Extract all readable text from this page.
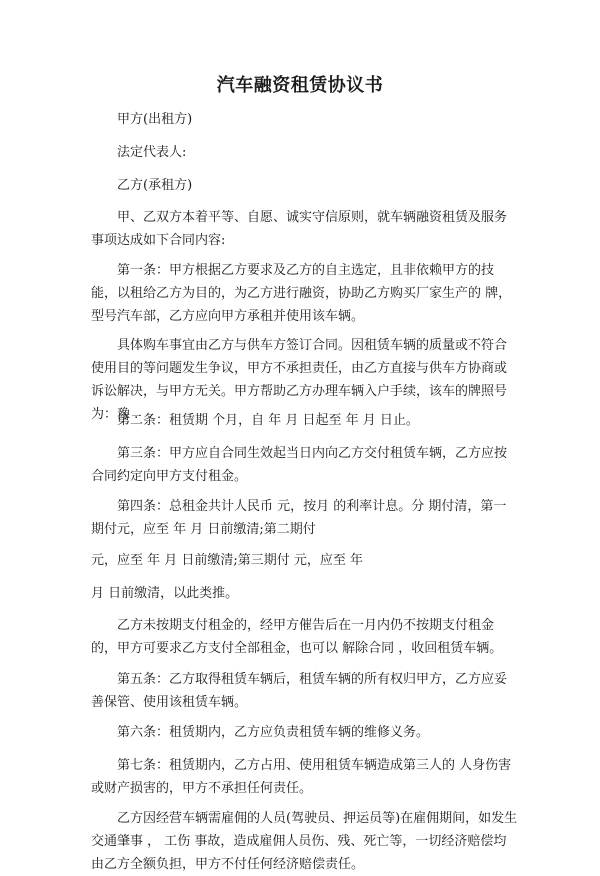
汽车融资租赁协议书

甲方(出租方)

法定代表人:

乙方(承租方)

甲、乙双方本着平等、自愿、诚实守信原则，就车辆融资租赁及服务事项达成如下合同内容:

第一条：甲方根据乙方要求及乙方的自主选定，且非依赖甲方的技能，以租给乙方为目的，为乙方进行融资，协助乙方购买厂家生产的 牌， 型号汽车部，乙方应向甲方承租并使用该车辆。

具体购车事宜由乙方与供车方签订合同。因租赁车辆的质量或不符合使用目的等问题发生争议，甲方不承担责任，由乙方直接与供车方协商或诉讼解决，与甲方无关。甲方帮助乙方办理车辆入户手续，该车的牌照号为：豫 .

第二条：租赁期 个月，自 年 月 日起至 年 月 日止。

第三条：甲方应自合同生效起当日内向乙方交付租赁车辆，乙方应按合同约定向甲方支付租金。

第四条：总租金共计人民币 元，按月 的利率计息。分 期付清，第一期付元，应至 年 月 日前缴清;第二期付

元，应至 年 月 日前缴清;第三期付 元，应至 年

月 日前缴清，以此类推。

乙方未按期支付租金的，经甲方催告后在一月内仍不按期支付租金的，甲方可要求乙方支付全部租金，也可以 解除合同 ，收回租赁车辆。

第五条：乙方取得租赁车辆后，租赁车辆的所有权归甲方，乙方应妥善保管、使用该租赁车辆。

第六条：租赁期内，乙方应负责租赁车辆的维修义务。

第七条：租赁期内，乙方占用、使用租赁车辆造成第三人的 人身伤害 或财产损害的，甲方不承担任何责任。

乙方因经营车辆需雇佣的人员(驾驶员、押运员等)在雇佣期间，如发生 交通肇事 ， 工伤 事故，造成雇佣人员伤、残、死亡等，一切经济赔偿均由乙方全额负担，甲方不付任何经济赔偿责任。
